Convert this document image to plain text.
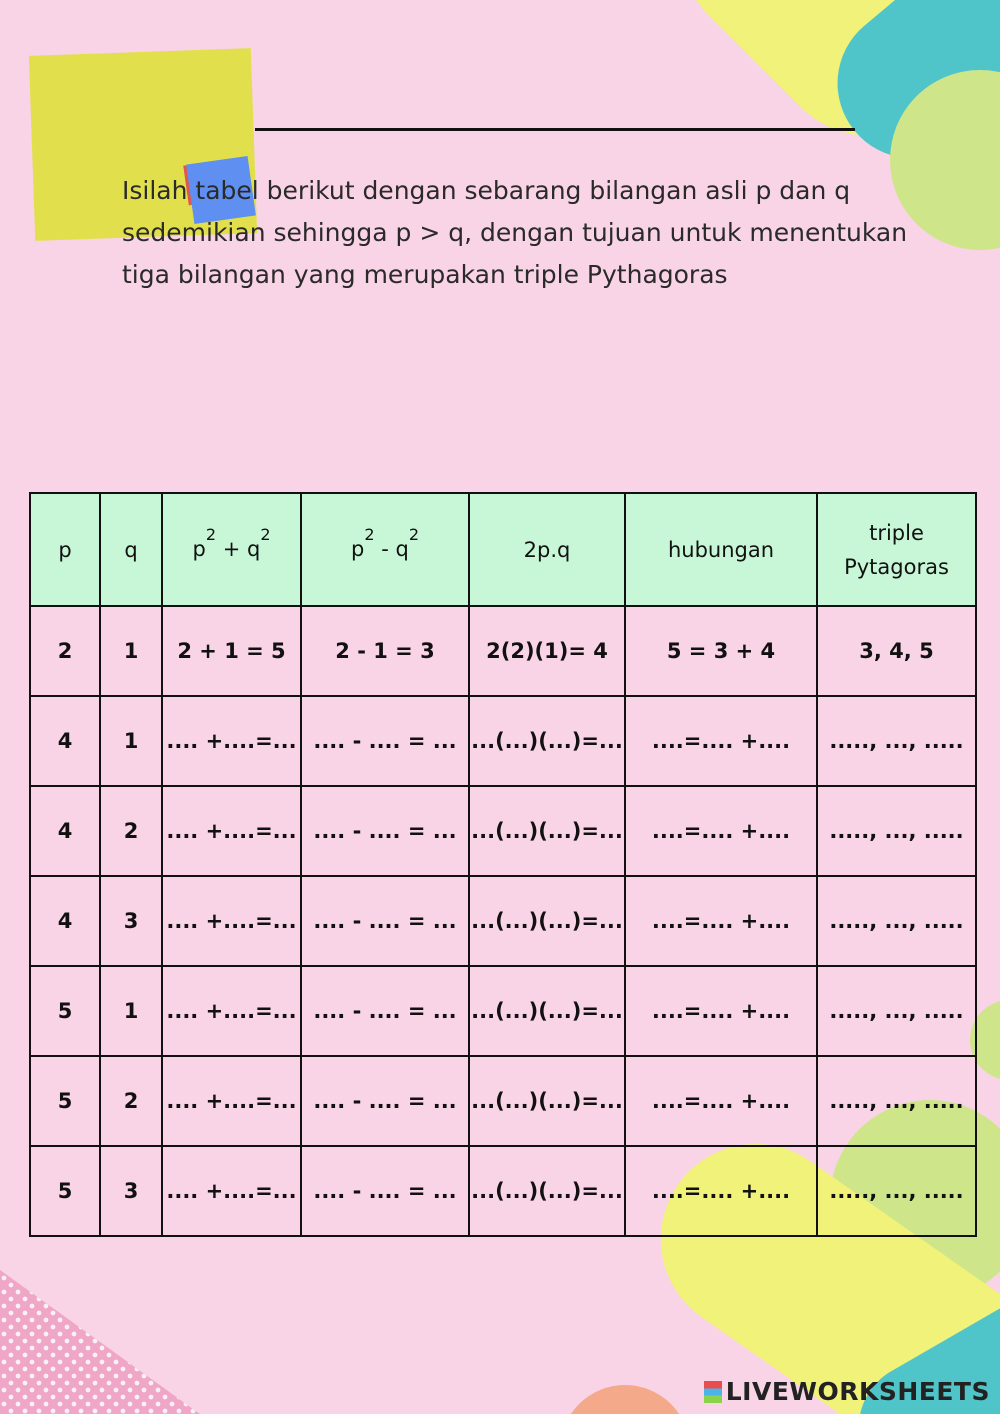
Isilah tabel berikut dengan sebarang bilangan asli p dan q sedemikian sehingga p > q, dengan tujuan untuk menentukan tiga bilangan yang merupakan triple Pythagoras

p	q	$p^2 + q^2$	$p^2 - q^2$	2p.q	hubungan	triple
Pytagoras
2	1	2 + 1 = 5	2 - 1 = 3	2(2)(1)= 4	5 = 3 + 4	3, 4, 5
4	1	.... +....=...	.... - .... = ...	...(...)(...)=...	....=.... +....	....., ..., .....
4	2	.... +....=...	.... - .... = ...	...(...)(...)=...	....=.... +....	....., ..., .....
4	3	.... +....=...	.... - .... = ...	...(...)(...)=...	....=.... +....	....., ..., .....
5	1	.... +....=...	.... - .... = ...	...(...)(...)=...	....=.... +....	....., ..., .....
5	2	.... +....=...	.... - .... = ...	...(...)(...)=...	....=.... +....	....., ..., .....
5	3	.... +....=...	.... - .... = ...	...(...)(...)=...	....=.... +....	....., ..., .....
LIVEWORKSHEETS
